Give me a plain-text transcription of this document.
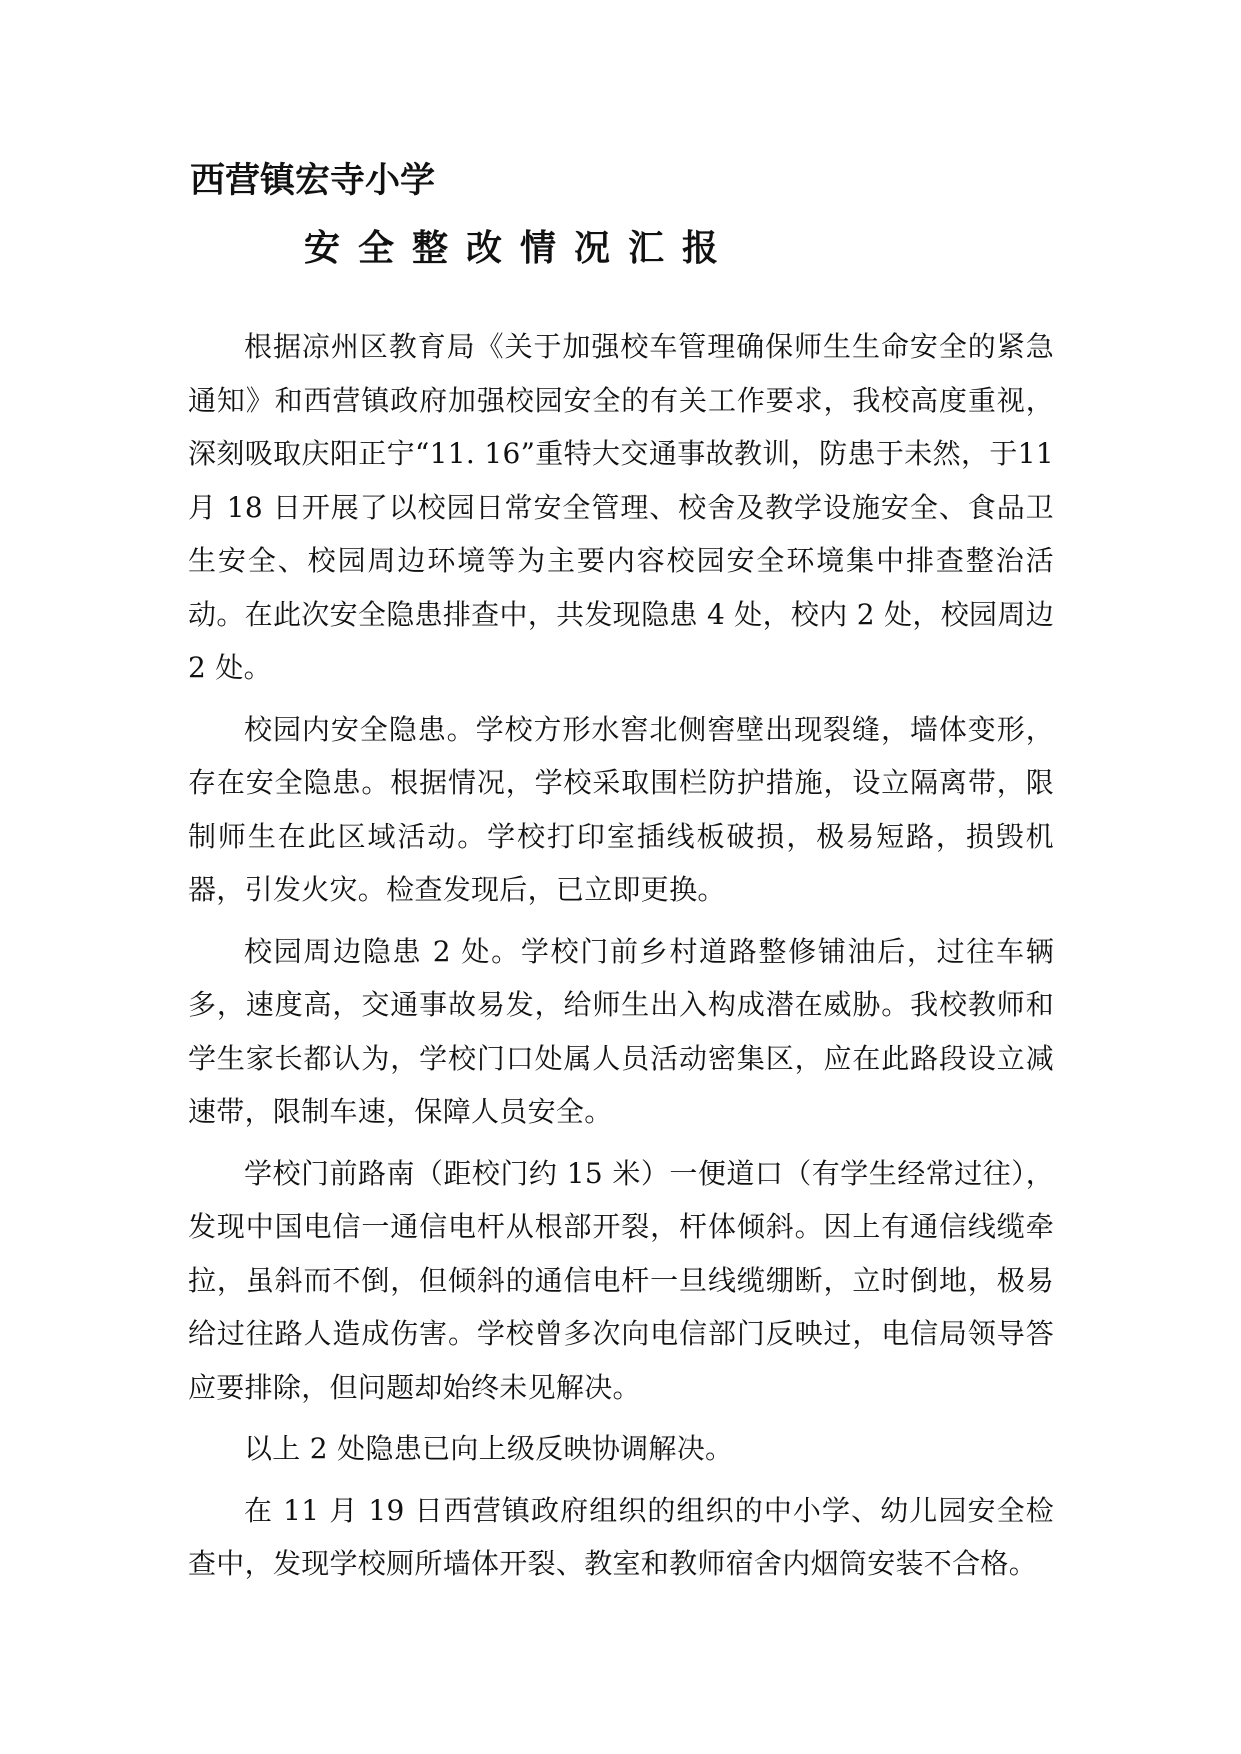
西营镇宏寺小学
安全整改情况汇报

根据凉州区教育局《关于加强校车管理确保师生生命安全的紧急通知》和西营镇政府加强校园安全的有关工作要求，我校高度重视，深刻吸取庆阳正宁“11. 16”重特大交通事故教训，防患于未然，于11 月 18 日开展了以校园日常安全管理、校舍及教学设施安全、食品卫生安全、校园周边环境等为主要内容校园安全环境集中排查整治活动。在此次安全隐患排查中，共发现隐患 4 处，校内 2 处，校园周边 2 处。

校园内安全隐患。学校方形水窖北侧窖壁出现裂缝，墙体变形，存在安全隐患。根据情况，学校采取围栏防护措施，设立隔离带，限制师生在此区域活动。学校打印室插线板破损，极易短路，损毁机器，引发火灾。检查发现后，已立即更换。

校园周边隐患 2 处。学校门前乡村道路整修铺油后，过往车辆多，速度高，交通事故易发，给师生出入构成潜在威胁。我校教师和学生家长都认为，学校门口处属人员活动密集区，应在此路段设立减速带，限制车速，保障人员安全。

学校门前路南（距校门约 15 米）一便道口（有学生经常过往），发现中国电信一通信电杆从根部开裂，杆体倾斜。因上有通信线缆牵拉，虽斜而不倒，但倾斜的通信电杆一旦线缆绷断，立时倒地，极易给过往路人造成伤害。学校曾多次向电信部门反映过，电信局领导答应要排除，但问题却始终未见解决。

以上 2 处隐患已向上级反映协调解决。

在 11 月 19 日西营镇政府组织的组织的中小学、幼儿园安全检查中，发现学校厕所墙体开裂、教室和教师宿舍内烟筒安装不合格。
